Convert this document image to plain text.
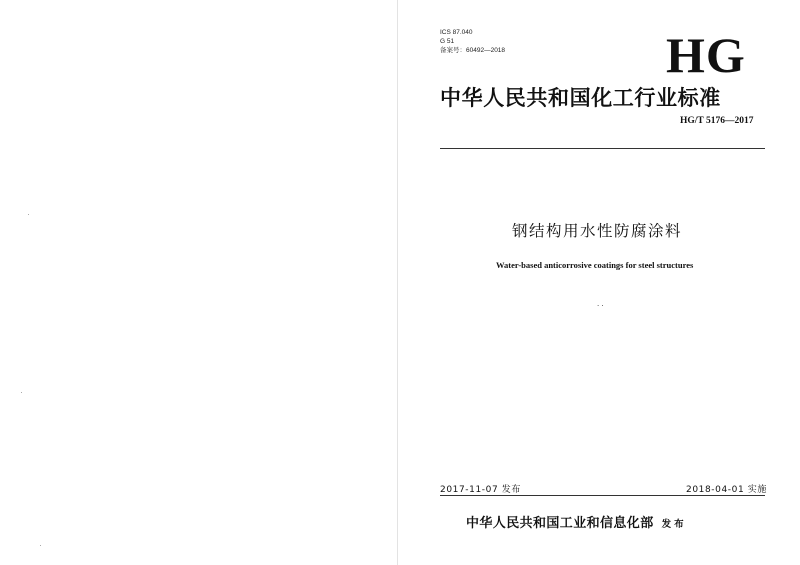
ICS 87.040
G 51
备案号：60492—2018	HG
中华人民共和国化工行业标准
HG/T 5176—2017
钢结构用水性防腐涂料
Water-based anticorrosive coatings for steel structures
· ·
2017-11-07 发布	2018-04-01 实施
中华人民共和国工业和信息化部 发布
